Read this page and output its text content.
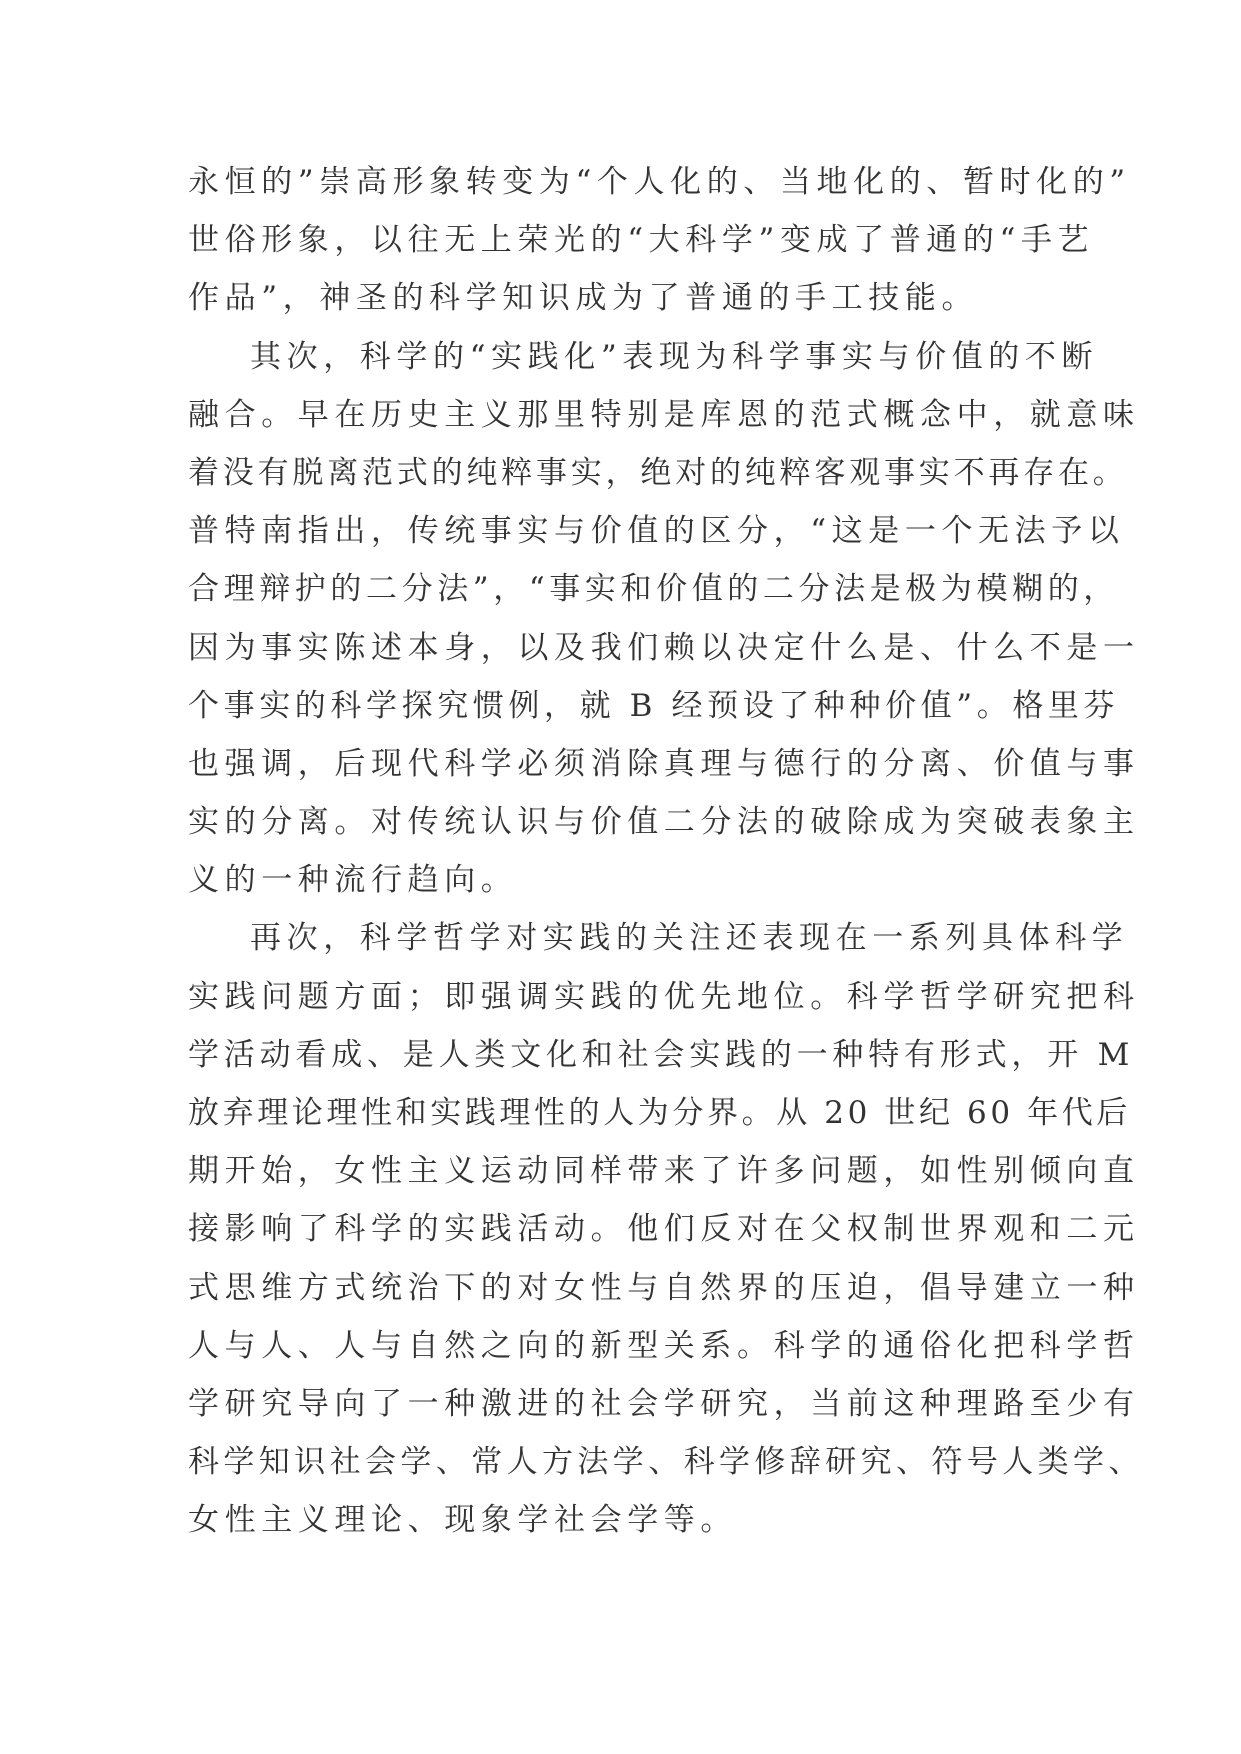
永恒的”崇高形象转变为“个人化的、当地化的、暂时化的”
世俗形象，以往无上荣光的“大科学”变成了普通的“手艺
作品”，神圣的科学知识成为了普通的手工技能。
其次，科学的“实践化”表现为科学事实与价值的不断
融合。早在历史主义那里特别是库恩的范式概念中，就意味
着没有脱离范式的纯粹事实，绝对的纯粹客观事实不再存在。
普特南指出，传统事实与价值的区分，“这是一个无法予以
合理辩护的二分法”，“事实和价值的二分法是极为模糊的，
因为事实陈述本身，以及我们赖以决定什么是、什么不是一
个事实的科学探究惯例，就 B 经预设了种种价值”。格里芬
也强调，后现代科学必须消除真理与德行的分离、价值与事
实的分离。对传统认识与价值二分法的破除成为突破表象主
义的一种流行趋向。
再次，科学哲学对实践的关注还表现在一系列具体科学
实践问题方面；即强调实践的优先地位。科学哲学研究把科
学活动看成、是人类文化和社会实践的一种特有形式，开 M
放弃理论理性和实践理性的人为分界。从 20 世纪 60 年代后
期开始，女性主义运动同样带来了许多问题，如性别倾向直
接影响了科学的实践活动。他们反对在父权制世界观和二元
式思维方式统治下的对女性与自然界的压迫，倡导建立一种
人与人、人与自然之向的新型关系。科学的通俗化把科学哲
学研究导向了一种激进的社会学研究，当前这种理路至少有
科学知识社会学、常人方法学、科学修辞研究、符号人类学、
女性主义理论、现象学社会学等。
